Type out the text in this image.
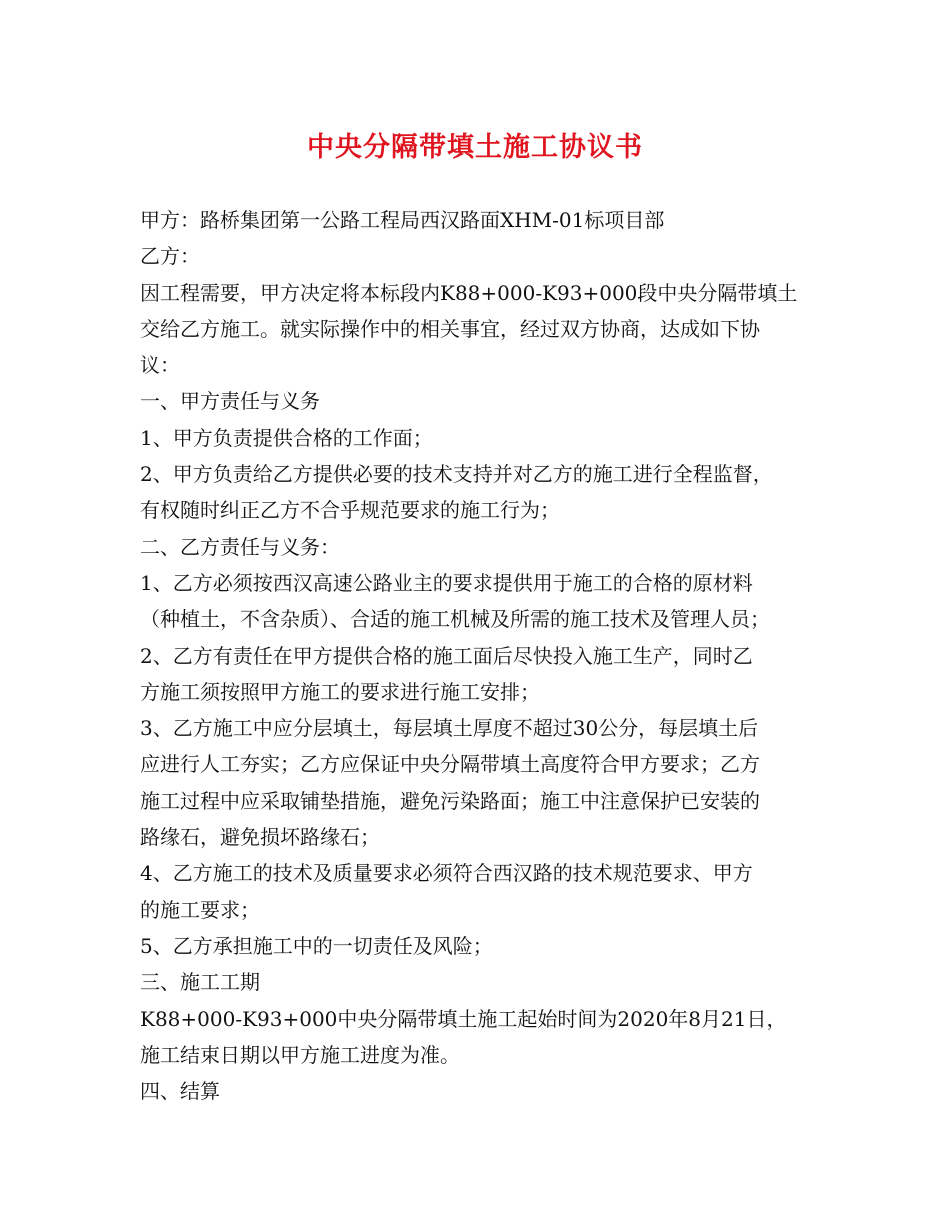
中央分隔带填土施工协议书
甲方：路桥集团第一公路工程局西汉路面XHM-01标项目部
乙方：
因工程需要，甲方决定将本标段内K88+000-K93+000段中央分隔带填土
交给乙方施工。就实际操作中的相关事宜，经过双方协商，达成如下协
议：
一、甲方责任与义务
1、甲方负责提供合格的工作面；
2、甲方负责给乙方提供必要的技术支持并对乙方的施工进行全程监督，
有权随时纠正乙方不合乎规范要求的施工行为；
二、乙方责任与义务：
1、乙方必须按西汉高速公路业主的要求提供用于施工的合格的原材料
（种植土，不含杂质）、合适的施工机械及所需的施工技术及管理人员；
2、乙方有责任在甲方提供合格的施工面后尽快投入施工生产，同时乙
方施工须按照甲方施工的要求进行施工安排；
3、乙方施工中应分层填土，每层填土厚度不超过30公分，每层填土后
应进行人工夯实；乙方应保证中央分隔带填土高度符合甲方要求；乙方
施工过程中应采取铺垫措施，避免污染路面；施工中注意保护已安装的
路缘石，避免损坏路缘石；
4、乙方施工的技术及质量要求必须符合西汉路的技术规范要求、甲方
的施工要求；
5、乙方承担施工中的一切责任及风险；
三、施工工期
K88+000-K93+000中央分隔带填土施工起始时间为2020年8月21日，
施工结束日期以甲方施工进度为准。
四、结算
